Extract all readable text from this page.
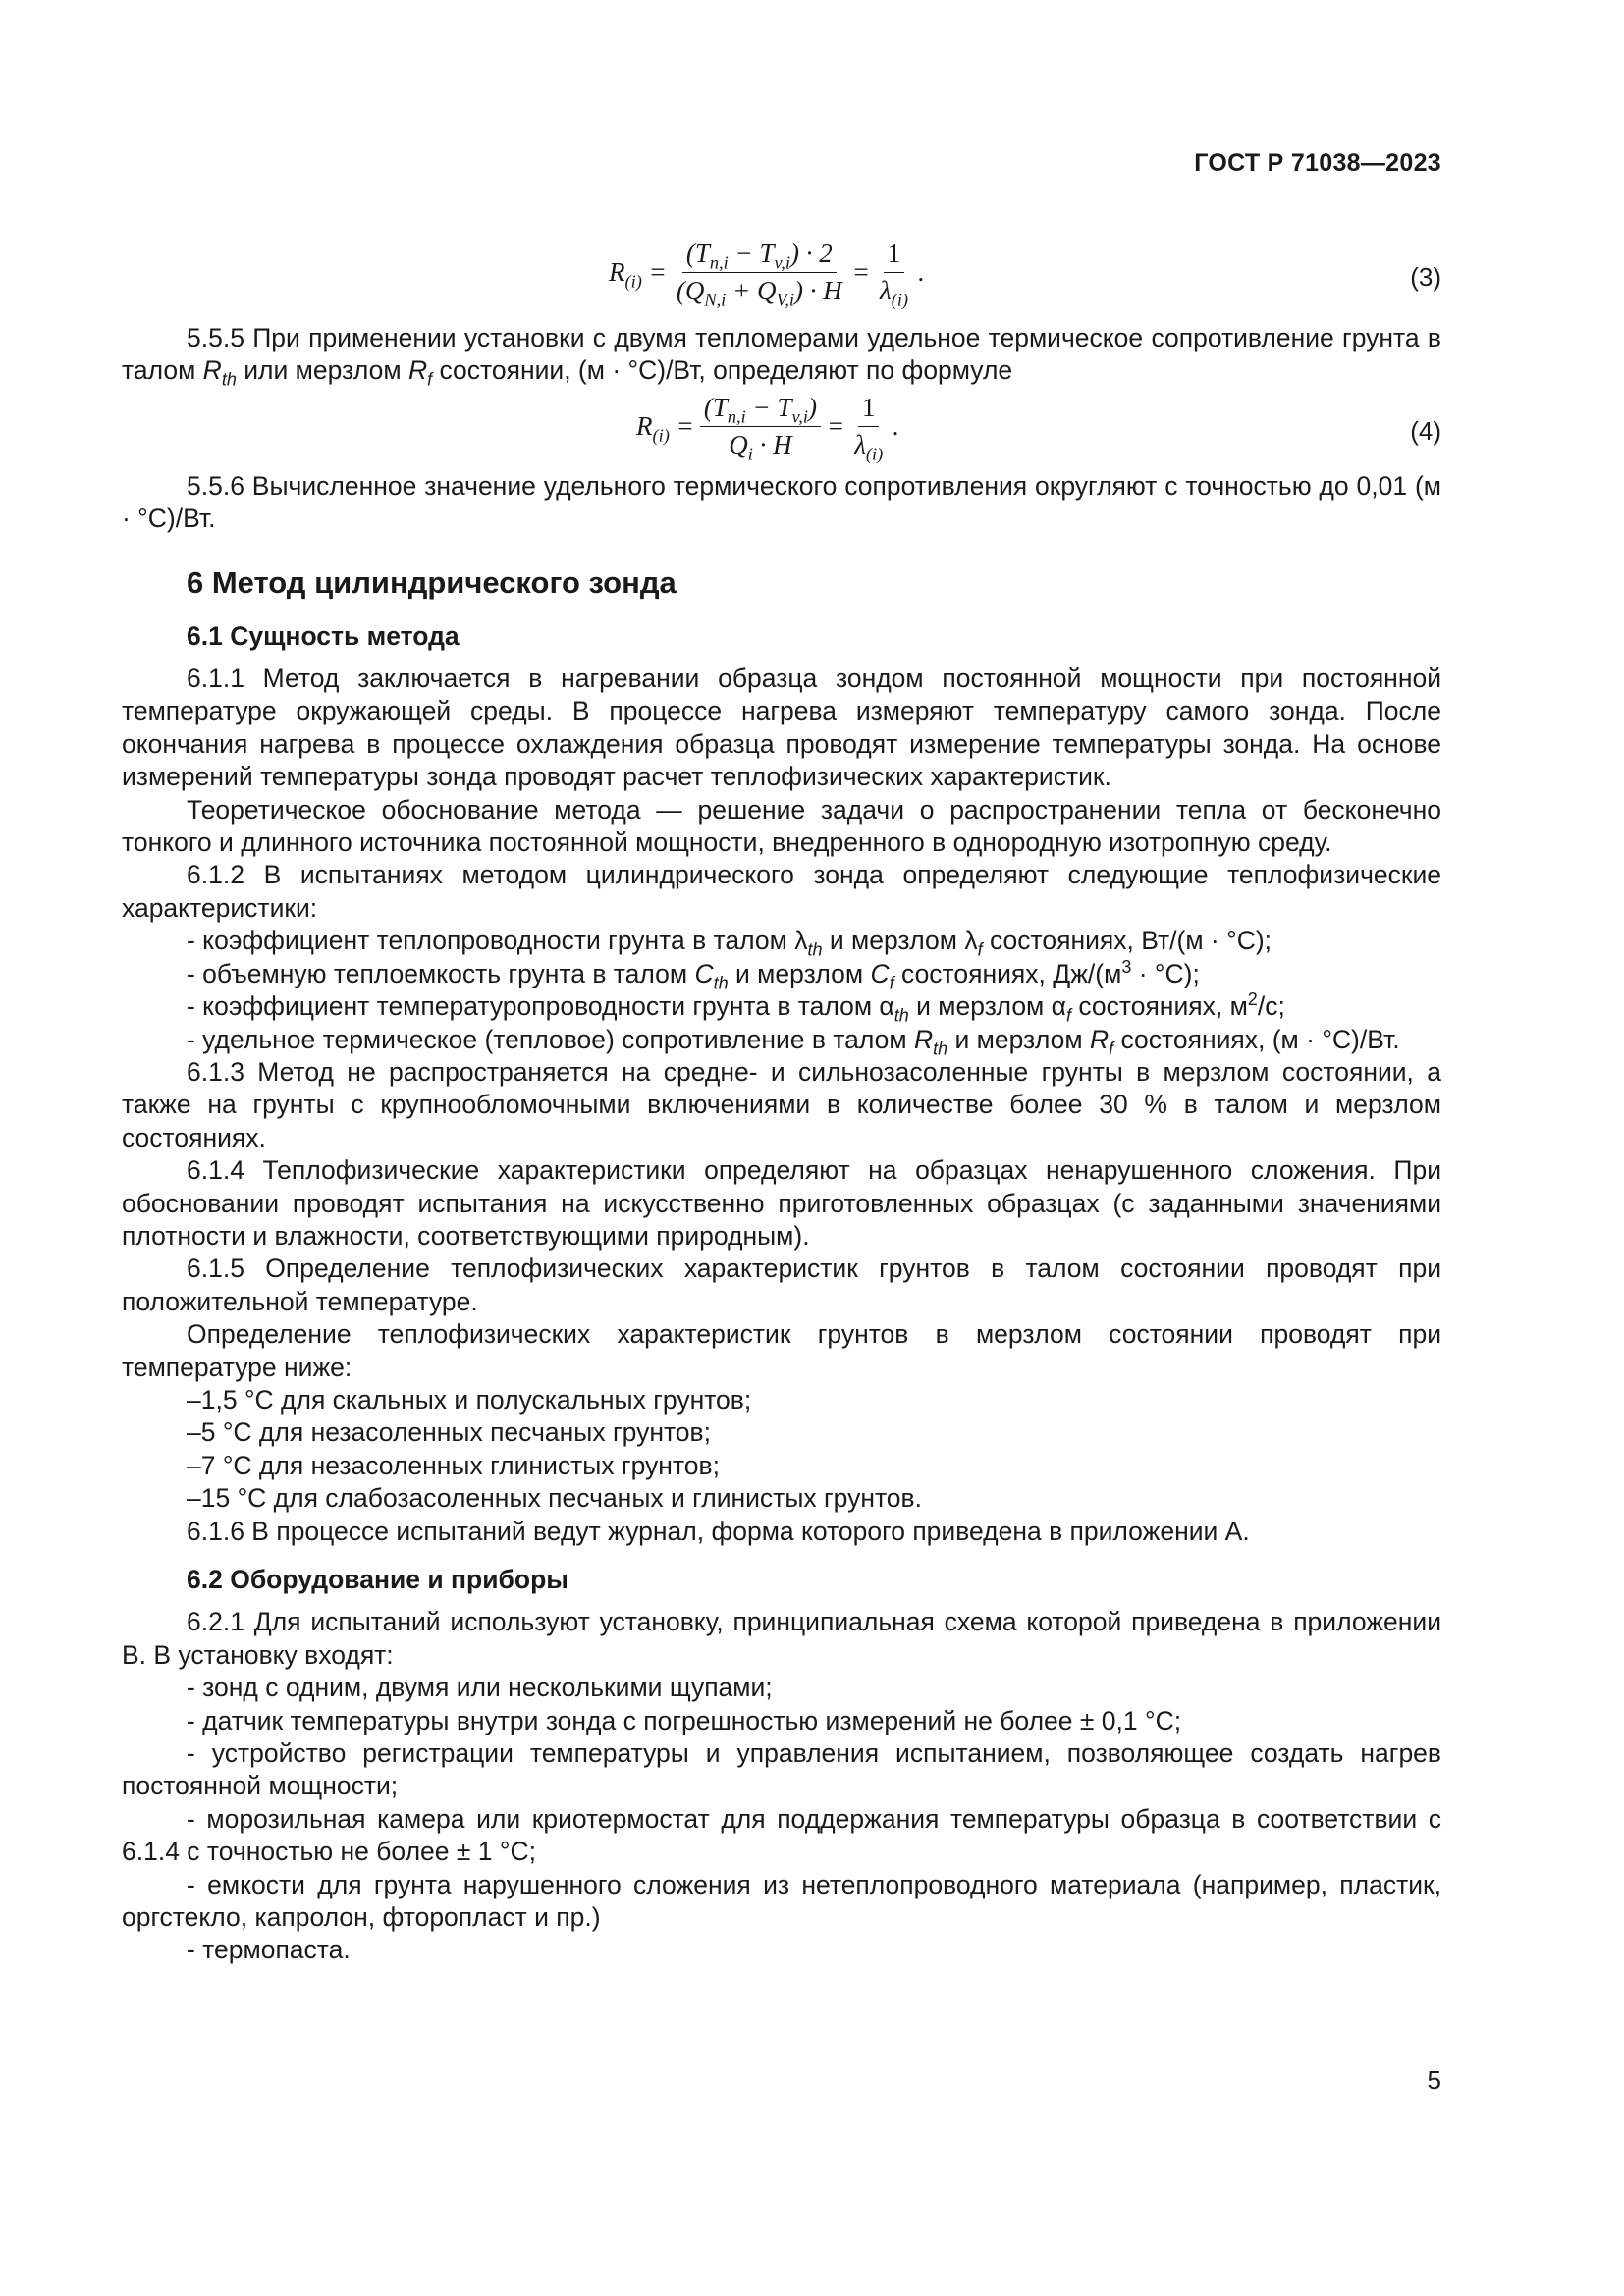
ГОСТ Р 71038—2023
$R_{(i)} = \frac{(T_{n,i} - T_{v,i}) \cdot 2}{(Q_{N,i} + Q_{V,i}) \cdot H} = \frac{1}{\lambda_{(i)}}$ .	(3)

5.5.5 При применении установки с двумя тепломерами удельное термическое сопротивление грунта в талом $R_{th}$ или мерзлом $R_f$ состоянии, (м · °С)/Вт, определяют по формуле

$R_{(i)} = \frac{(T_{n,i} - T_{v,i})}{Q_i \cdot H} = \frac{1}{\lambda_{(i)}}$ .	(4)

5.5.6 Вычисленное значение удельного термического сопротивления округляют с точностью до 0,01 (м · °С)/Вт.

6 Метод цилиндрического зонда
6.1 Сущность метода

6.1.1 Метод заключается в нагревании образца зондом постоянной мощности при постоянной температуре окружающей среды. В процессе нагрева измеряют температуру самого зонда. После окончания нагрева в процессе охлаждения образца проводят измерение температуры зонда. На основе измерений температуры зонда проводят расчет теплофизических характеристик.

Теоретическое обоснование метода — решение задачи о распространении тепла от бесконечно тонкого и длинного источника постоянной мощности, внедренного в однородную изотропную среду.

6.1.2 В испытаниях методом цилиндрического зонда определяют следующие теплофизические характеристики:

- коэффициент теплопроводности грунта в талом $\lambda_{th}$ и мерзлом $\lambda_f$ состояниях, Вт/(м · °С);

- объемную теплоемкость грунта в талом $C_{th}$ и мерзлом $C_f$ состояниях, $Дж/(м^3 \cdot ^\circ С)$;

- коэффициент температуропроводности грунта в талом $\alpha_{th}$ и мерзлом $\alpha_f$ состояниях, $м^2/с$;

- удельное термическое (тепловое) сопротивление в талом $R_{th}$ и мерзлом $R_f$ состояниях, (м · °С)/Вт.

6.1.3 Метод не распространяется на средне- и сильнозасоленные грунты в мерзлом состоянии, а также на грунты с крупнообломочными включениями в количестве более 30 % в талом и мерзлом состояниях.

6.1.4 Теплофизические характеристики определяют на образцах ненарушенного сложения. При обосновании проводят испытания на искусственно приготовленных образцах (с заданными значениями плотности и влажности, соответствующими природным).

6.1.5 Определение теплофизических характеристик грунтов в талом состоянии проводят при положительной температуре.

Определение теплофизических характеристик грунтов в мерзлом состоянии проводят при температуре ниже:

–1,5 °С для скальных и полускальных грунтов;

–5 °С для незасоленных песчаных грунтов;

–7 °С для незасоленных глинистых грунтов;

–15 °С для слабозасоленных песчаных и глинистых грунтов.

6.1.6 В процессе испытаний ведут журнал, форма которого приведена в приложении А.

6.2 Оборудование и приборы

6.2.1 Для испытаний используют установку, принципиальная схема которой приведена в приложении В. В установку входят:

- зонд с одним, двумя или несколькими щупами;

- датчик температуры внутри зонда с погрешностью измерений не более ± 0,1 °С;

- устройство регистрации температуры и управления испытанием, позволяющее создать нагрев постоянной мощности;

- морозильная камера или криотермостат для поддержания температуры образца в соответствии с 6.1.4 с точностью не более ± 1 °С;

- емкости для грунта нарушенного сложения из нетеплопроводного материала (например, пластик, оргстекло, капролон, фторопласт и пр.)

- термопаста.

5
